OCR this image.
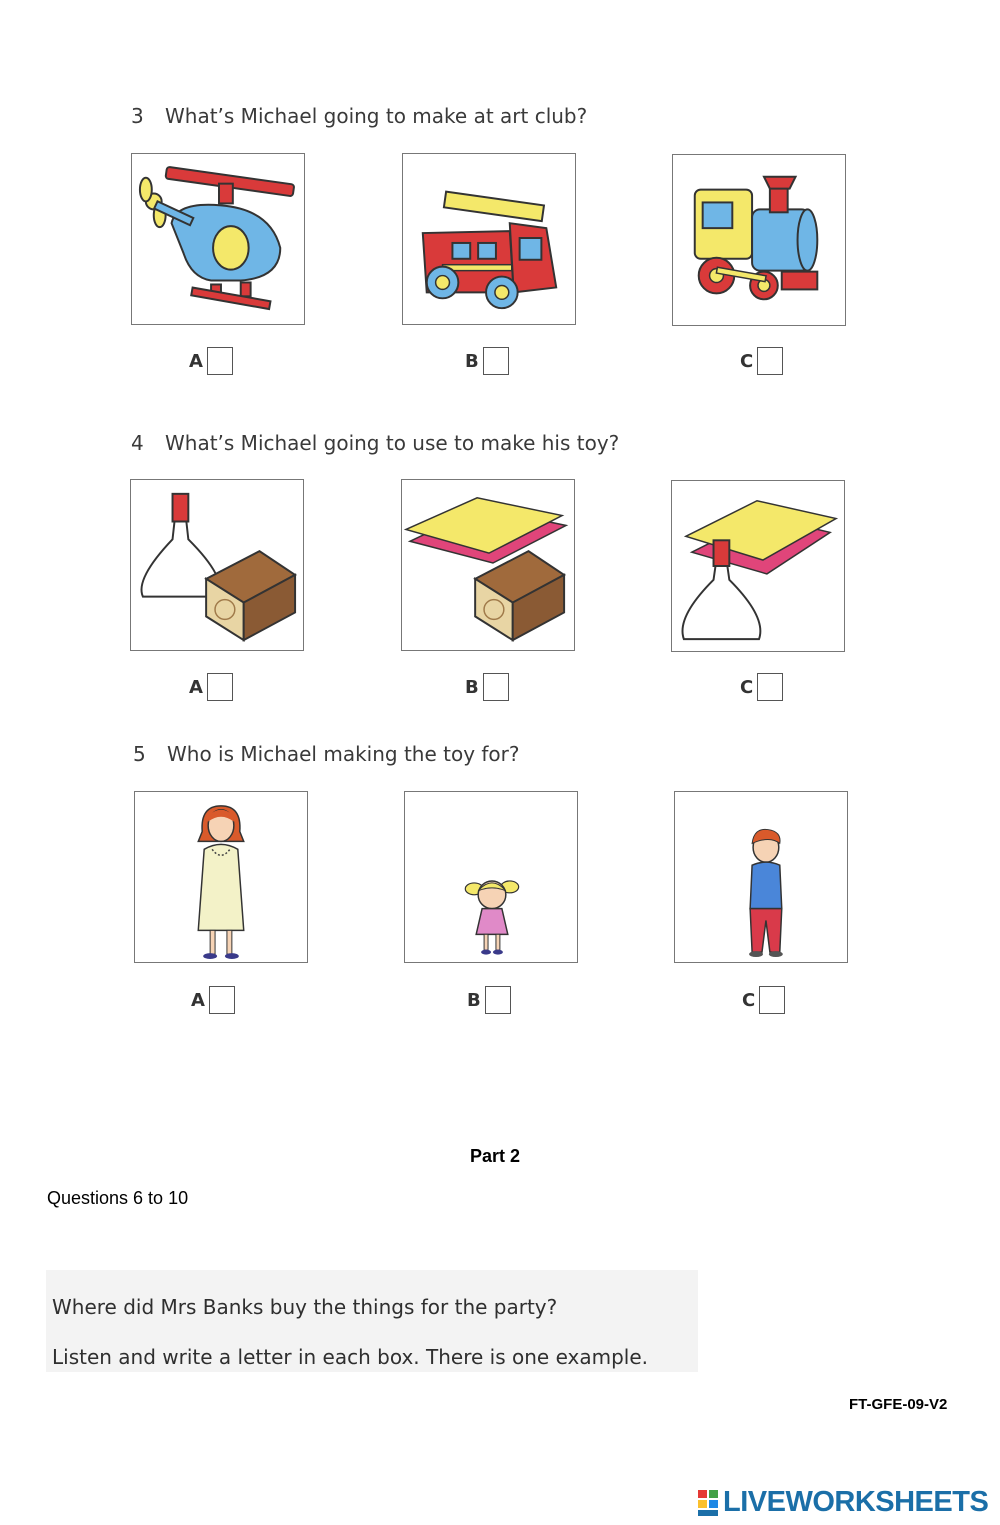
3 What’s Michael going to make at art club?
A	B	C
4 What’s Michael going to use to make his toy?
A	B	C
5 Who is Michael making the toy for?
A	B	C
Part 2
Questions 6 to 10
Where did Mrs Banks buy the things for the party?
Listen and write a letter in each box. There is one example.
FT-GFE-09-V2
LIVEWORKSHEETS
